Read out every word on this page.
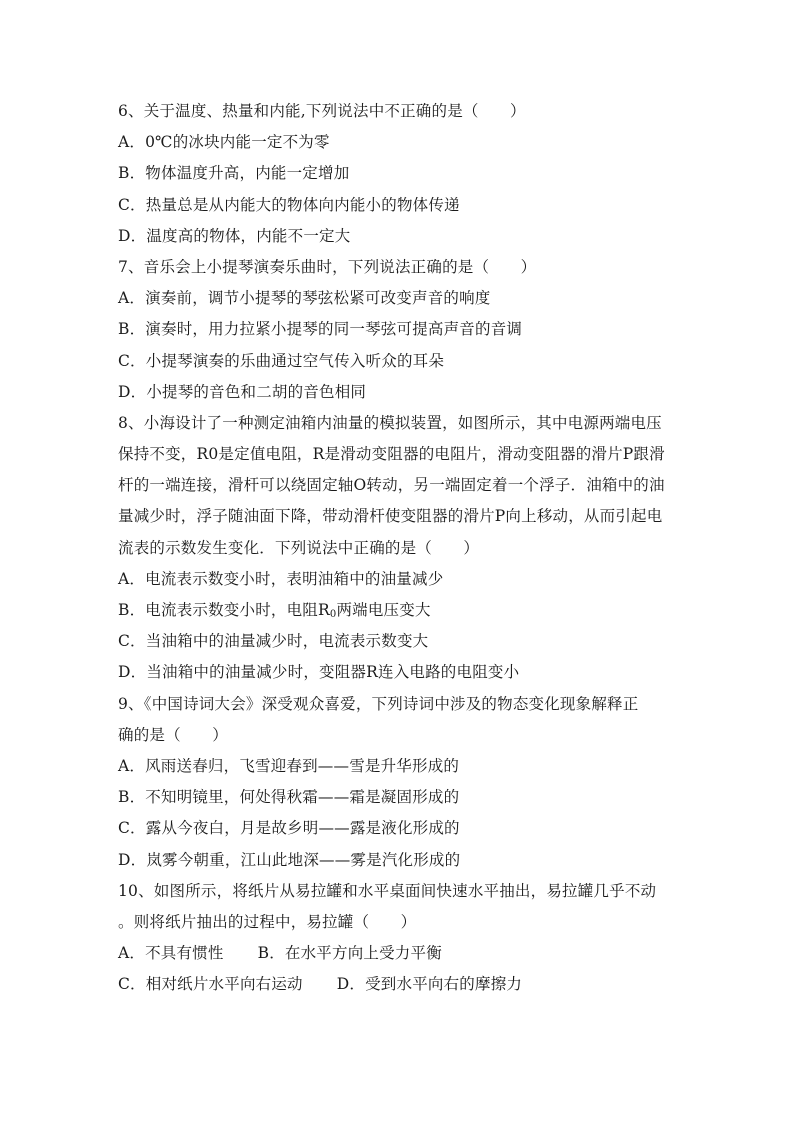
6、关于温度、热量和内能,下列说法中不正确的是（　　）
A．0℃的冰块内能一定不为零
B．物体温度升高，内能一定增加
C．热量总是从内能大的物体向内能小的物体传递
D．温度高的物体，内能不一定大
7、音乐会上小提琴演奏乐曲时，下列说法正确的是（　　）
A．演奏前，调节小提琴的琴弦松紧可改变声音的响度
B．演奏时，用力拉紧小提琴的同一琴弦可提高声音的音调
C．小提琴演奏的乐曲通过空气传入听众的耳朵
D．小提琴的音色和二胡的音色相同
8、小海设计了一种测定油箱内油量的模拟装置，如图所示，其中电源两端电压
保持不变，R0是定值电阻，R是滑动变阻器的电阻片，滑动变阻器的滑片P跟滑
杆的一端连接，滑杆可以绕固定轴O转动，另一端固定着一个浮子．油箱中的油
量减少时，浮子随油面下降，带动滑杆使变阻器的滑片P向上移动，从而引起电
流表的示数发生变化．下列说法中正确的是（　　）
A．电流表示数变小时，表明油箱中的油量减少
B．电流表示数变小时，电阻$R_0$两端电压变大
C．当油箱中的油量减少时，电流表示数变大
D．当油箱中的油量减少时，变阻器R连入电路的电阻变小
9、《中国诗词大会》深受观众喜爱，下列诗词中涉及的物态变化现象解释正
确的是（　　）
A．风雨送春归，飞雪迎春到——雪是升华形成的
B．不知明镜里，何处得秋霜——霜是凝固形成的
C．露从今夜白，月是故乡明——露是液化形成的
D．岚雾今朝重，江山此地深——雾是汽化形成的
10、如图所示，将纸片从易拉罐和水平桌面间快速水平抽出，易拉罐几乎不动
。则将纸片抽出的过程中，易拉罐（　　）
A．不具有惯性 B．在水平方向上受力平衡
C．相对纸片水平向右运动 D．受到水平向右的摩擦力
